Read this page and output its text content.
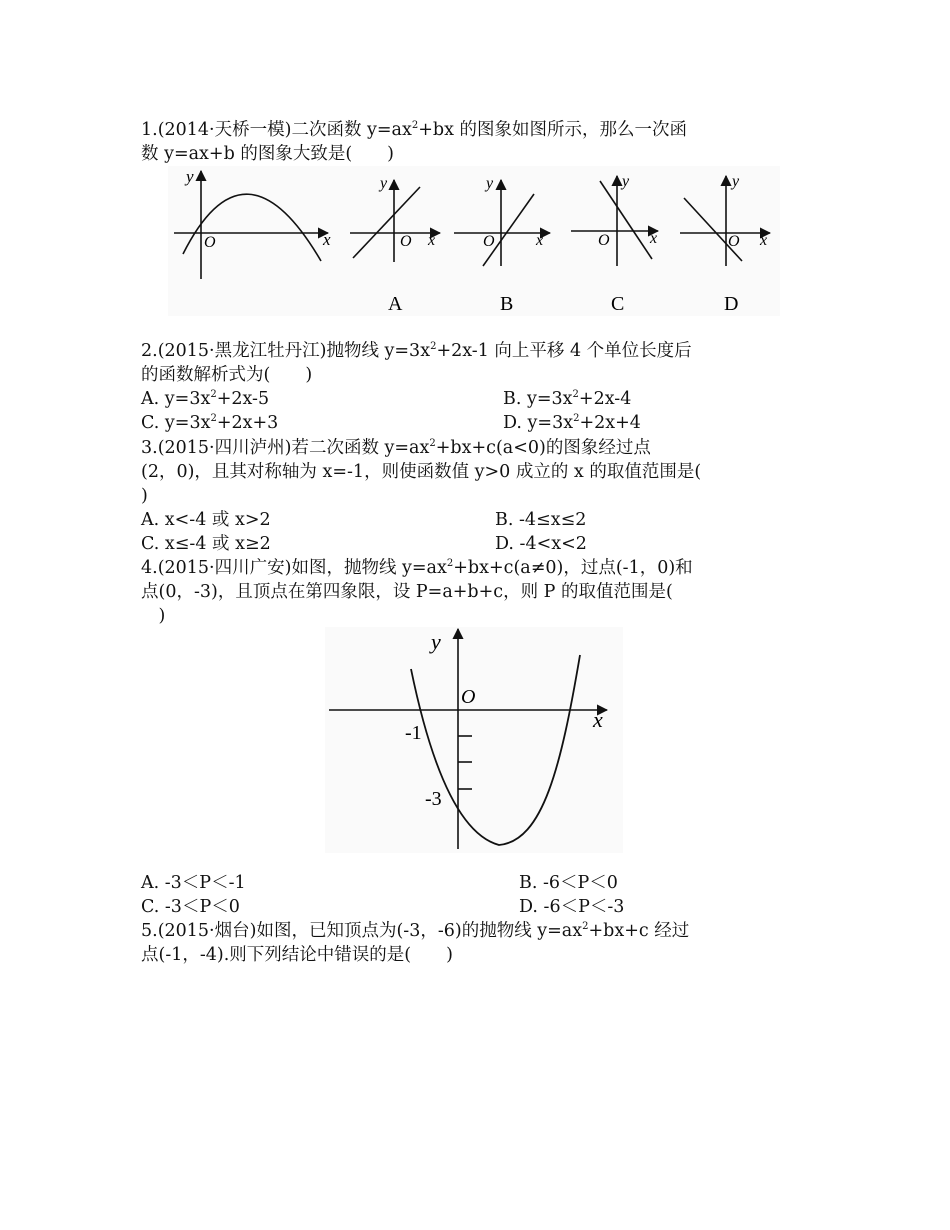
1.(2014·天桥一模)二次函数 $y=ax^2+bx$ 的图象如图所示，那么一次函
数 y=ax+b 的图象大致是(　　)
y
O	x
y
O x
A
y
O	x
B
y
O	x
C
y
O x
D
2.(2015·黑龙江牡丹江)抛物线 $y=3x^2+2x-1$ 向上平移 4 个单位长度后
的函数解析式为(　　)
A. $y=3x^2+2x-5$	B. $y=3x^2+2x-4$
C. $y=3x^2+2x+3$	D. $y=3x^2+2x+4$
3.(2015·四川泸州)若二次函数 $y=ax^2+bx+c(a<0)$的图象经过点
(2，0)，且其对称轴为 x=-1，则使函数值 y>0 成立的 x 的取值范围是(
)
A. x<-4 或 x>2	B. -4≤x≤2
C. x≤-4 或 x≥2	D. -4<x<2
4.(2015·四川广安)如图，抛物线 $y=ax^2+bx+c(a\ne 0)$，过点(-1，0)和
点(0，-3)，且顶点在第四象限，设 P=a+b+c，则 P 的取值范围是(
　)
y
O
x
-1
-3
A. -3＜P＜-1	B. -6＜P＜0
C. -3＜P＜0	D. -6＜P＜-3
5.(2015·烟台)如图，已知顶点为(-3，-6)的抛物线 $y=ax^2+bx+c$ 经过
点(-1，-4).则下列结论中错误的是(　　)
